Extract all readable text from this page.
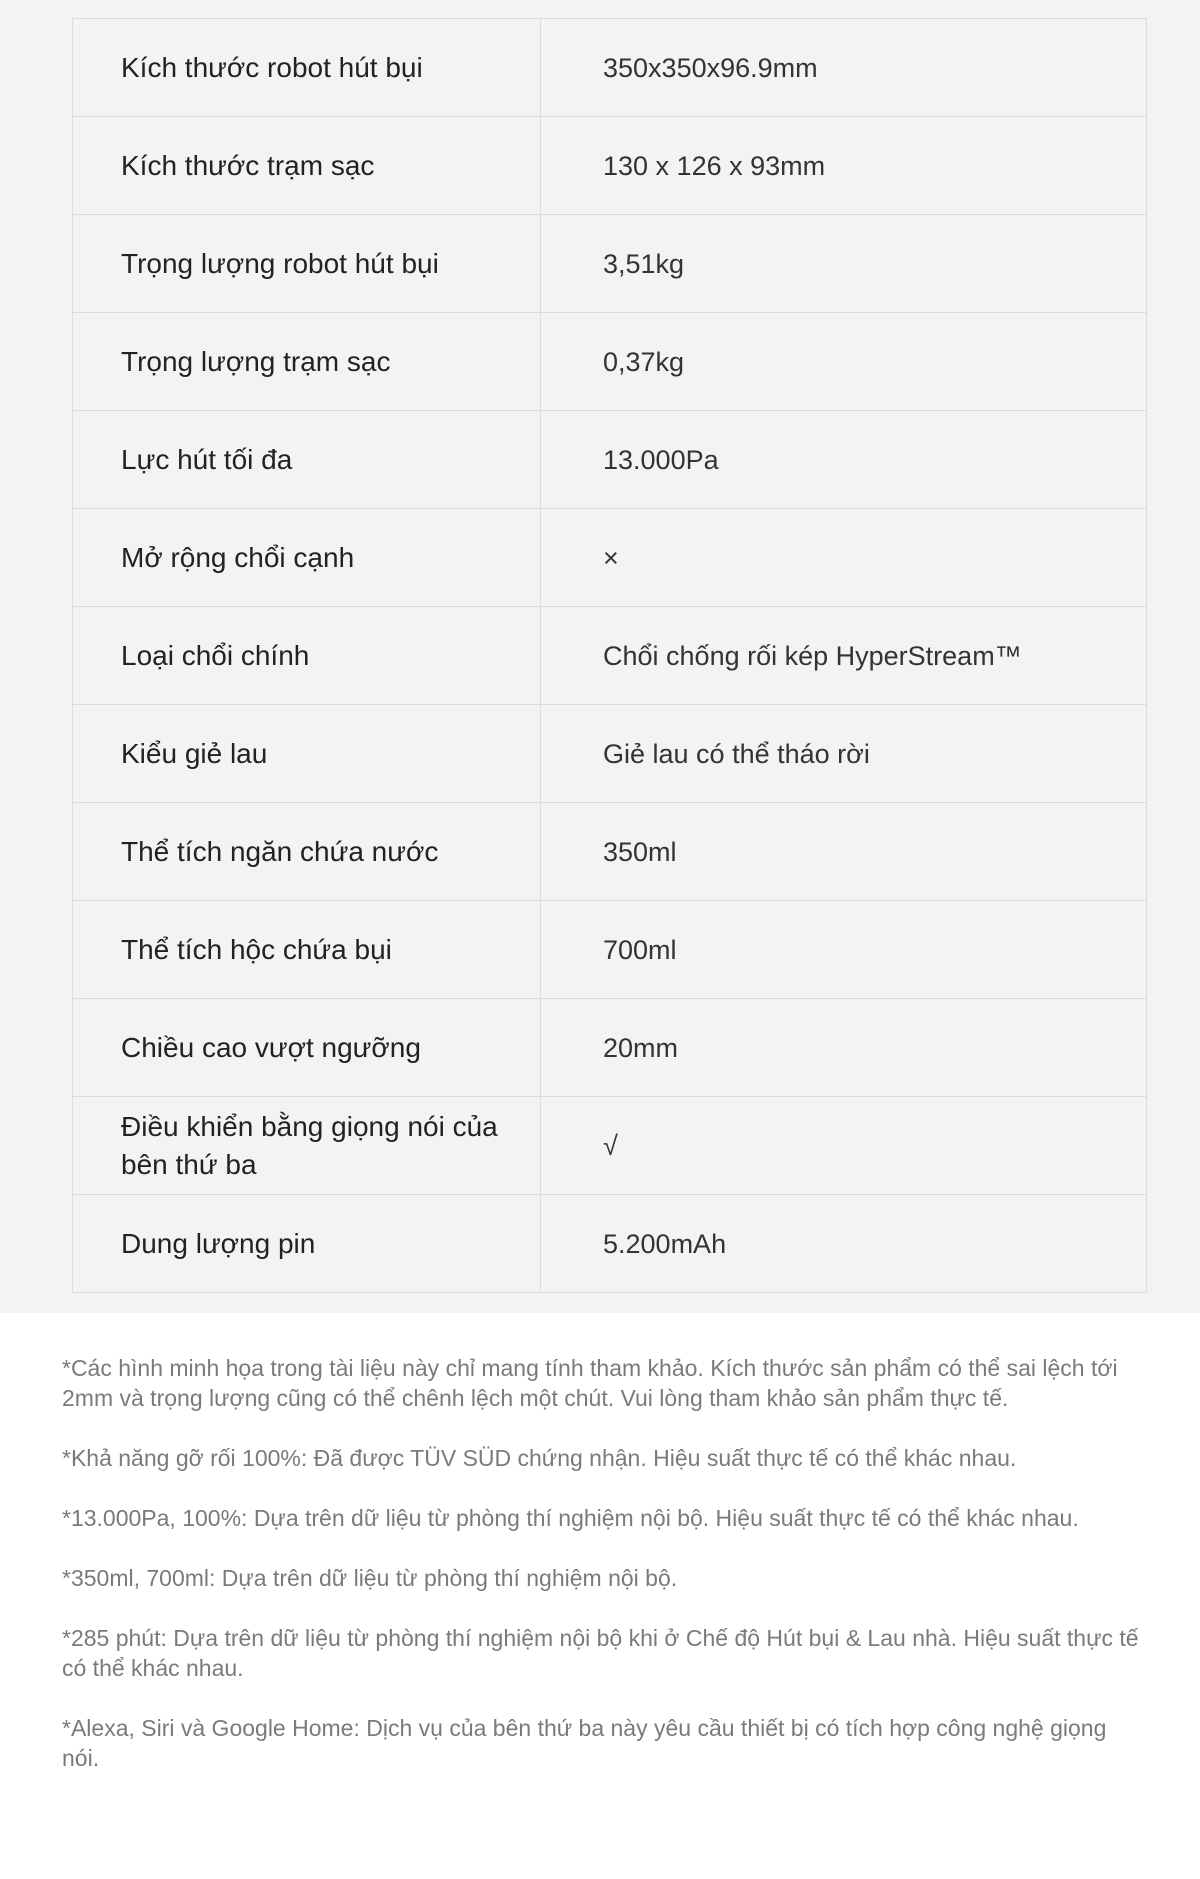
Kích thước robot hút bụi	350x350x96.9mm
Kích thước trạm sạc	130 x 126 x 93mm
Trọng lượng robot hút bụi	3,51kg
Trọng lượng trạm sạc	0,37kg
Lực hút tối đa	13.000Pa
Mở rộng chổi cạnh	×
Loại chổi chính	Chổi chống rối kép HyperStream™
Kiểu giẻ lau	Giẻ lau có thể tháo rời
Thể tích ngăn chứa nước	350ml
Thể tích hộc chứa bụi	700ml
Chiều cao vượt ngưỡng	20mm
Điều khiển bằng giọng nói của bên thứ ba	√
Dung lượng pin	5.200mAh

*Các hình minh họa trong tài liệu này chỉ mang tính tham khảo. Kích thước sản phẩm có thể sai lệch tới 2mm và trọng lượng cũng có thể chênh lệch một chút. Vui lòng tham khảo sản phẩm thực tế.

*Khả năng gỡ rối 100%: Đã được TÜV SÜD chứng nhận. Hiệu suất thực tế có thể khác nhau.

*13.000Pa, 100%: Dựa trên dữ liệu từ phòng thí nghiệm nội bộ. Hiệu suất thực tế có thể khác nhau.

*350ml, 700ml: Dựa trên dữ liệu từ phòng thí nghiệm nội bộ.

*285 phút: Dựa trên dữ liệu từ phòng thí nghiệm nội bộ khi ở Chế độ Hút bụi & Lau nhà. Hiệu suất thực tế có thể khác nhau.

*Alexa, Siri và Google Home: Dịch vụ của bên thứ ba này yêu cầu thiết bị có tích hợp công nghệ giọng nói.
